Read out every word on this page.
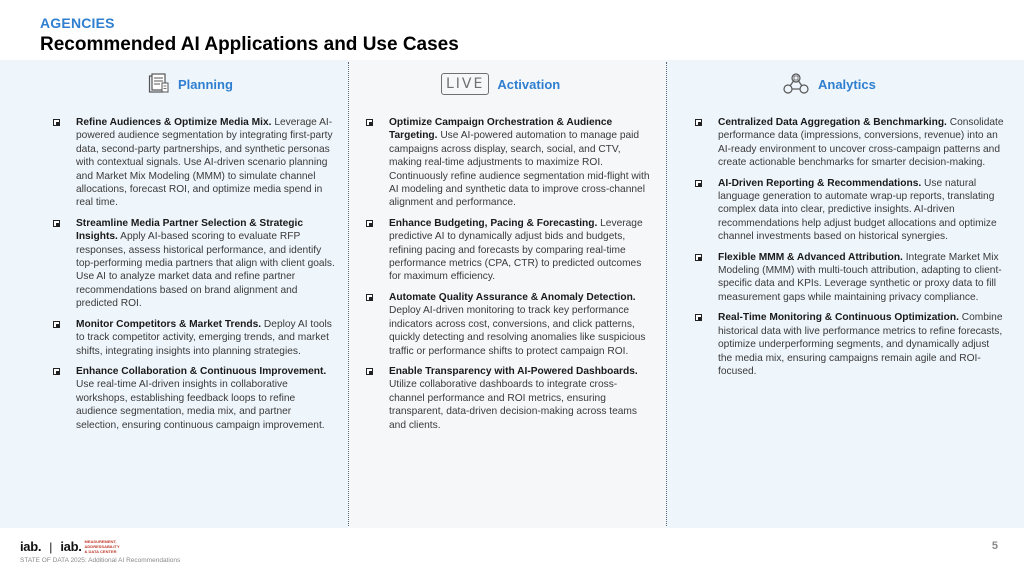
AGENCIES
Recommended AI Applications and Use Cases
Planning
Refine Audiences & Optimize Media Mix. Leverage AI-powered audience segmentation by integrating first-party data, second-party partnerships, and synthetic personas with contextual signals. Use AI-driven scenario planning and Market Mix Modeling (MMM) to simulate channel allocations, forecast ROI, and optimize media spend in real time.
Streamline Media Partner Selection & Strategic Insights. Apply AI-based scoring to evaluate RFP responses, assess historical performance, and identify top-performing media partners that align with client goals. Use AI to analyze market data and refine partner recommendations based on brand alignment and predicted ROI.
Monitor Competitors & Market Trends. Deploy AI tools to track competitor activity, emerging trends, and market shifts, integrating insights into planning strategies.
Enhance Collaboration & Continuous Improvement. Use real-time AI-driven insights in collaborative workshops, establishing feedback loops to refine audience segmentation, media mix, and partner selection, ensuring continuous campaign improvement.
LIVE	Activation
Optimize Campaign Orchestration & Audience Targeting. Use AI-powered automation to manage paid campaigns across display, search, social, and CTV, making real-time adjustments to maximize ROI. Continuously refine audience segmentation mid-flight with AI modeling and synthetic data to improve cross-channel alignment and performance.
Enhance Budgeting, Pacing & Forecasting. Leverage predictive AI to dynamically adjust bids and budgets, refining pacing and forecasts by comparing real-time performance metrics (CPA, CTR) to predicted outcomes for maximum efficiency.
Automate Quality Assurance & Anomaly Detection. Deploy AI-driven monitoring to track key performance indicators across cost, conversions, and click patterns, quickly detecting and resolving anomalies like suspicious traffic or performance shifts to protect campaign ROI.
Enable Transparency with AI-Powered Dashboards. Utilize collaborative dashboards to integrate cross-channel performance and ROI metrics, ensuring transparent, data-driven decision-making across teams and clients.
Analytics
Centralized Data Aggregation & Benchmarking. Consolidate performance data (impressions, conversions, revenue) into an AI-ready environment to uncover cross-campaign patterns and create actionable benchmarks for smarter decision-making.
AI-Driven Reporting & Recommendations. Use natural language generation to automate wrap-up reports, translating complex data into clear, predictive insights. AI-driven recommendations help adjust budget allocations and optimize channel investments based on historical synergies.
Flexible MMM & Advanced Attribution. Integrate Market Mix Modeling (MMM) with multi-touch attribution, adapting to client-specific data and KPIs. Leverage synthetic or proxy data to fill measurement gaps while maintaining privacy compliance.
Real-Time Monitoring & Continuous Optimization. Combine historical data with live performance metrics to refine forecasts, optimize underperforming segments, and dynamically adjust the media mix, ensuring campaigns remain agile and ROI-focused.
iab. | iab. MEASUREMENT, ADDRESSABILITY & DATA CENTER
STATE OF DATA 2025: Additional AI Recommendations
5
